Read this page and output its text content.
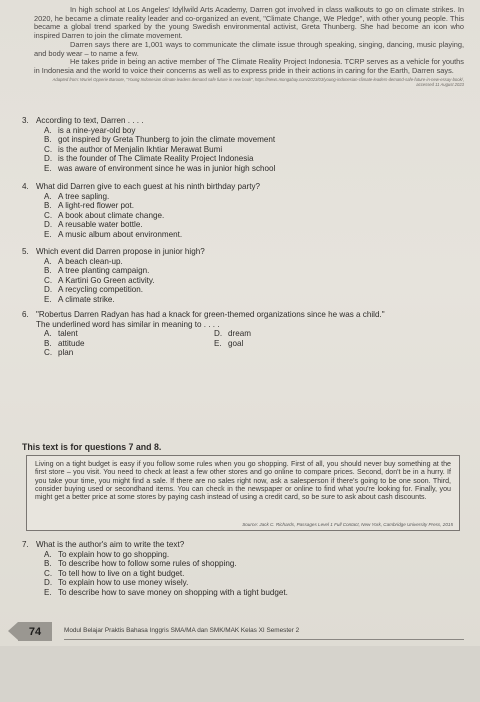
In high school at Los Angeles' Idyllwild Arts Academy, Darren got involved in class walkouts to go on climate strikes. In 2020, he became a climate reality leader and co-organized an event, "Climate Change, We Pledge", with other young people. This became a global trend sparked by the young Swedish environmental activist, Greta Thunberg. She had become an icon who inspired Darren to join the climate movement.

Darren says there are 1,001 ways to communicate the climate issue through speaking, singing, dancing, music playing, and body wear – to name a few.

He takes pride in being an active member of The Climate Reality Project Indonesia. TCRP serves as a vehicle for youths in Indonesia and the world to voice their concerns as well as to express pride in their actions in caring for the Earth, Darren says.

Adapted from: Wuriel Opperie Baroote, "Young Indonesian climate leaders demand safe future in new book", https://news.mongabay.com/2023/03/young-indonesian-climate-leaders-demand-safe-future-in-new-essay-book/, accessed 11 August 2023
3. According to text, Darren . . . .
A. is a nine-year-old boy
B. got inspired by Greta Thunberg to join the climate movement
C. is the author of Menjalin Ikhtiar Merawat Bumi
D. is the founder of The Climate Reality Project Indonesia
E. was aware of environment since he was in junior high school
4. What did Darren give to each guest at his ninth birthday party?
A. A tree sapling.
B. A light-red flower pot.
C. A book about climate change.
D. A reusable water bottle.
E. A music album about environment.
5. Which event did Darren propose in junior high?
A. A beach clean-up.
B. A tree planting campaign.
C. A Kartini Go Green activity.
D. A recycling competition.
E. A climate strike.
6. "Robertus Darren Radyan has had a knack for green-themed organizations since he was a child."
The underlined word has similar in meaning to . . . .
A. talent	D. dream
B. attitude	E. goal
C. plan
This text is for questions 7 and 8.

Living on a tight budget is easy if you follow some rules when you go shopping. First of all, you should never buy something at the first store – you visit. You need to check at least a few other stores and go online to compare prices. Second, don't be in a hurry. If you take your time, you might find a sale. If there are no sales right now, ask a salesperson if there's going to be one soon. Third, consider buying used or secondhand items. You can check in the newspaper or online to find what you're looking for. Finally, you might get a better price at some stores by paying cash instead of using a credit card, so be sure to ask about cash discounts.

Source: Jack C. Richards, Passages Level 1 Full Contact, New York, Cambridge University Press, 2015
7. What is the author's aim to write the text?
A. To explain how to go shopping.
B. To describe how to follow some rules of shopping.
C. To tell how to live on a tight budget.
D. To explain how to use money wisely.
E. To describe how to save money on shopping with a tight budget.
74	Modul Belajar Praktis Bahasa Inggris SMA/MA dan SMK/MAK Kelas XI Semester 2
